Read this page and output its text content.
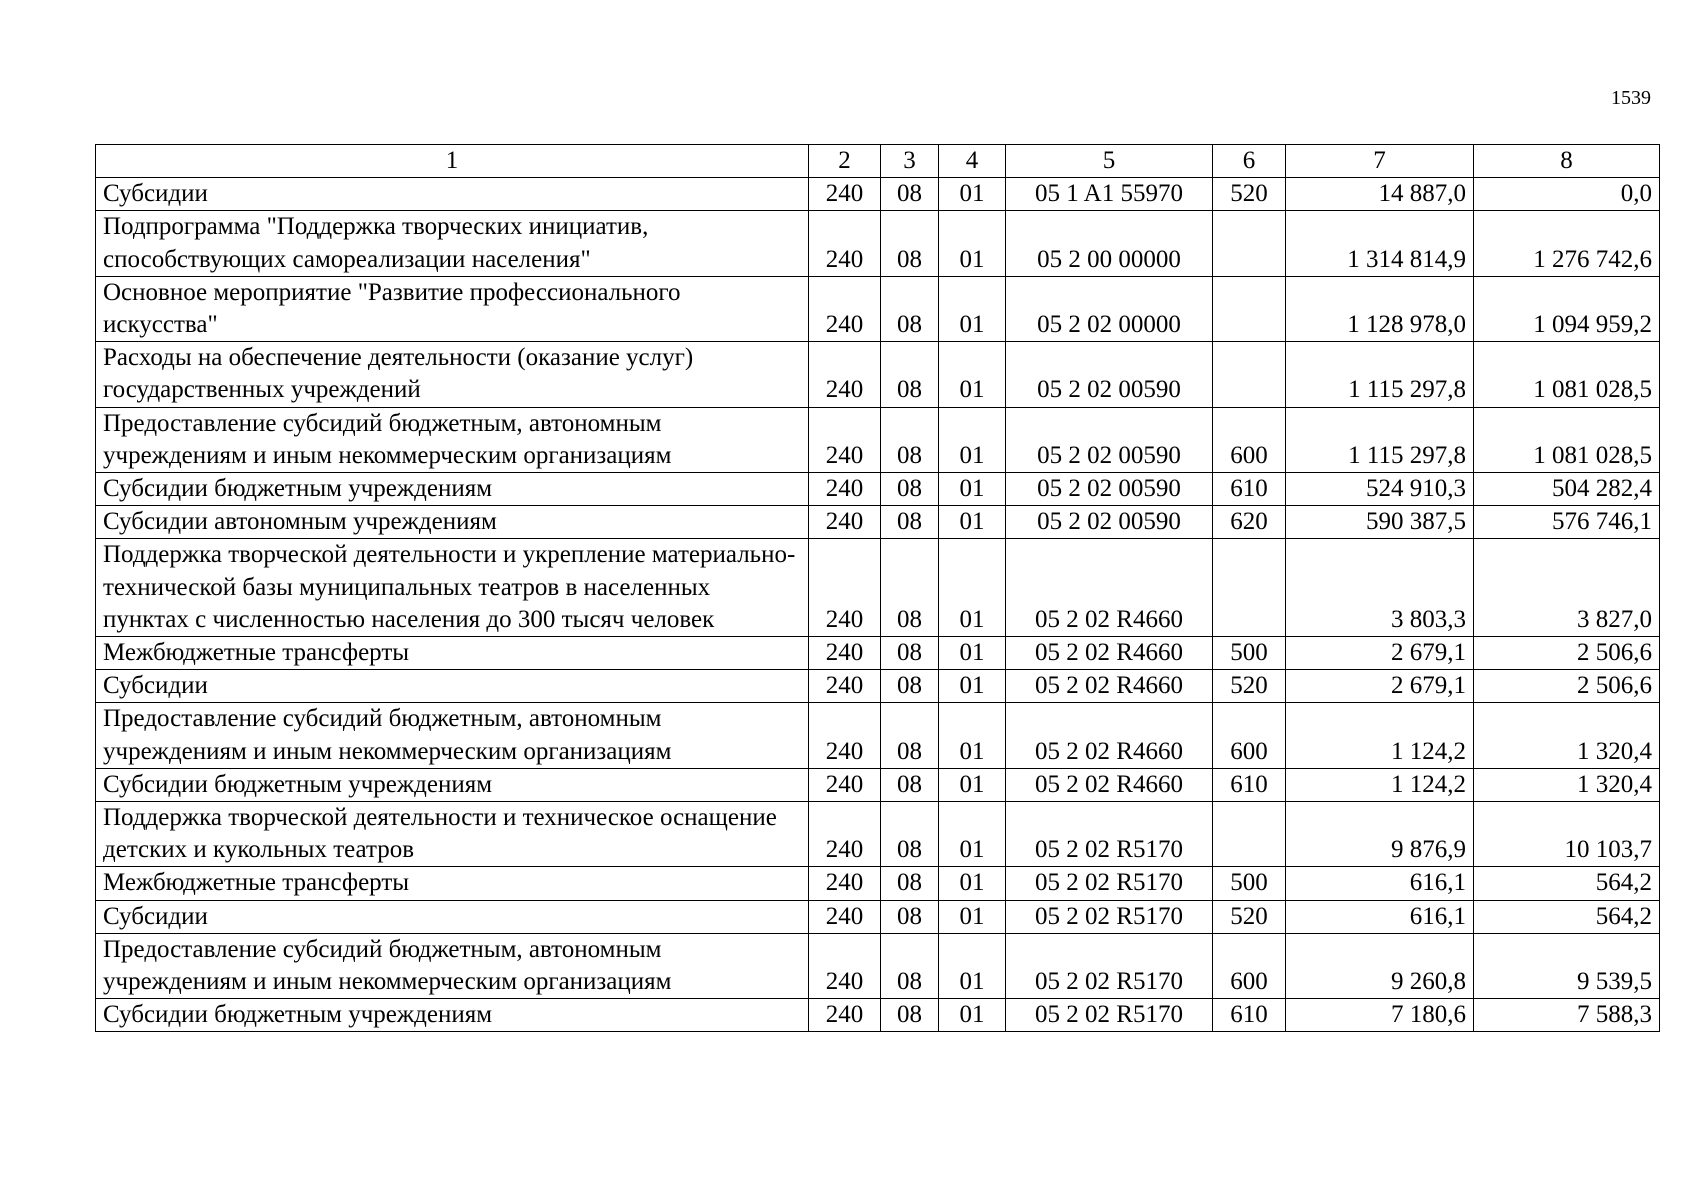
1539
1	2	3	4	5	6	7	8
Субсидии	240	08	01	05 1 A1 55970	520	14 887,0	0,0
Подпрограмма "Поддержка творческих инициатив, способствующих самореализации населения"	240	08	01	05 2 00 00000		1 314 814,9	1 276 742,6
Основное мероприятие "Развитие профессионального искусства"	240	08	01	05 2 02 00000		1 128 978,0	1 094 959,2
Расходы на обеспечение деятельности (оказание услуг) государственных учреждений	240	08	01	05 2 02 00590		1 115 297,8	1 081 028,5
Предоставление субсидий бюджетным, автономным учреждениям и иным некоммерческим организациям	240	08	01	05 2 02 00590	600	1 115 297,8	1 081 028,5
Субсидии бюджетным учреждениям	240	08	01	05 2 02 00590	610	524 910,3	504 282,4
Субсидии автономным учреждениям	240	08	01	05 2 02 00590	620	590 387,5	576 746,1
Поддержка творческой деятельности и укрепление материально-технической базы муниципальных театров в населенных пунктах с численностью населения до 300 тысяч человек	240	08	01	05 2 02 R4660		3 803,3	3 827,0
Межбюджетные трансферты	240	08	01	05 2 02 R4660	500	2 679,1	2 506,6
Субсидии	240	08	01	05 2 02 R4660	520	2 679,1	2 506,6
Предоставление субсидий бюджетным, автономным учреждениям и иным некоммерческим организациям	240	08	01	05 2 02 R4660	600	1 124,2	1 320,4
Субсидии бюджетным учреждениям	240	08	01	05 2 02 R4660	610	1 124,2	1 320,4
Поддержка творческой деятельности и техническое оснащение детских и кукольных театров	240	08	01	05 2 02 R5170		9 876,9	10 103,7
Межбюджетные трансферты	240	08	01	05 2 02 R5170	500	616,1	564,2
Субсидии	240	08	01	05 2 02 R5170	520	616,1	564,2
Предоставление субсидий бюджетным, автономным учреждениям и иным некоммерческим организациям	240	08	01	05 2 02 R5170	600	9 260,8	9 539,5
Субсидии бюджетным учреждениям	240	08	01	05 2 02 R5170	610	7 180,6	7 588,3
